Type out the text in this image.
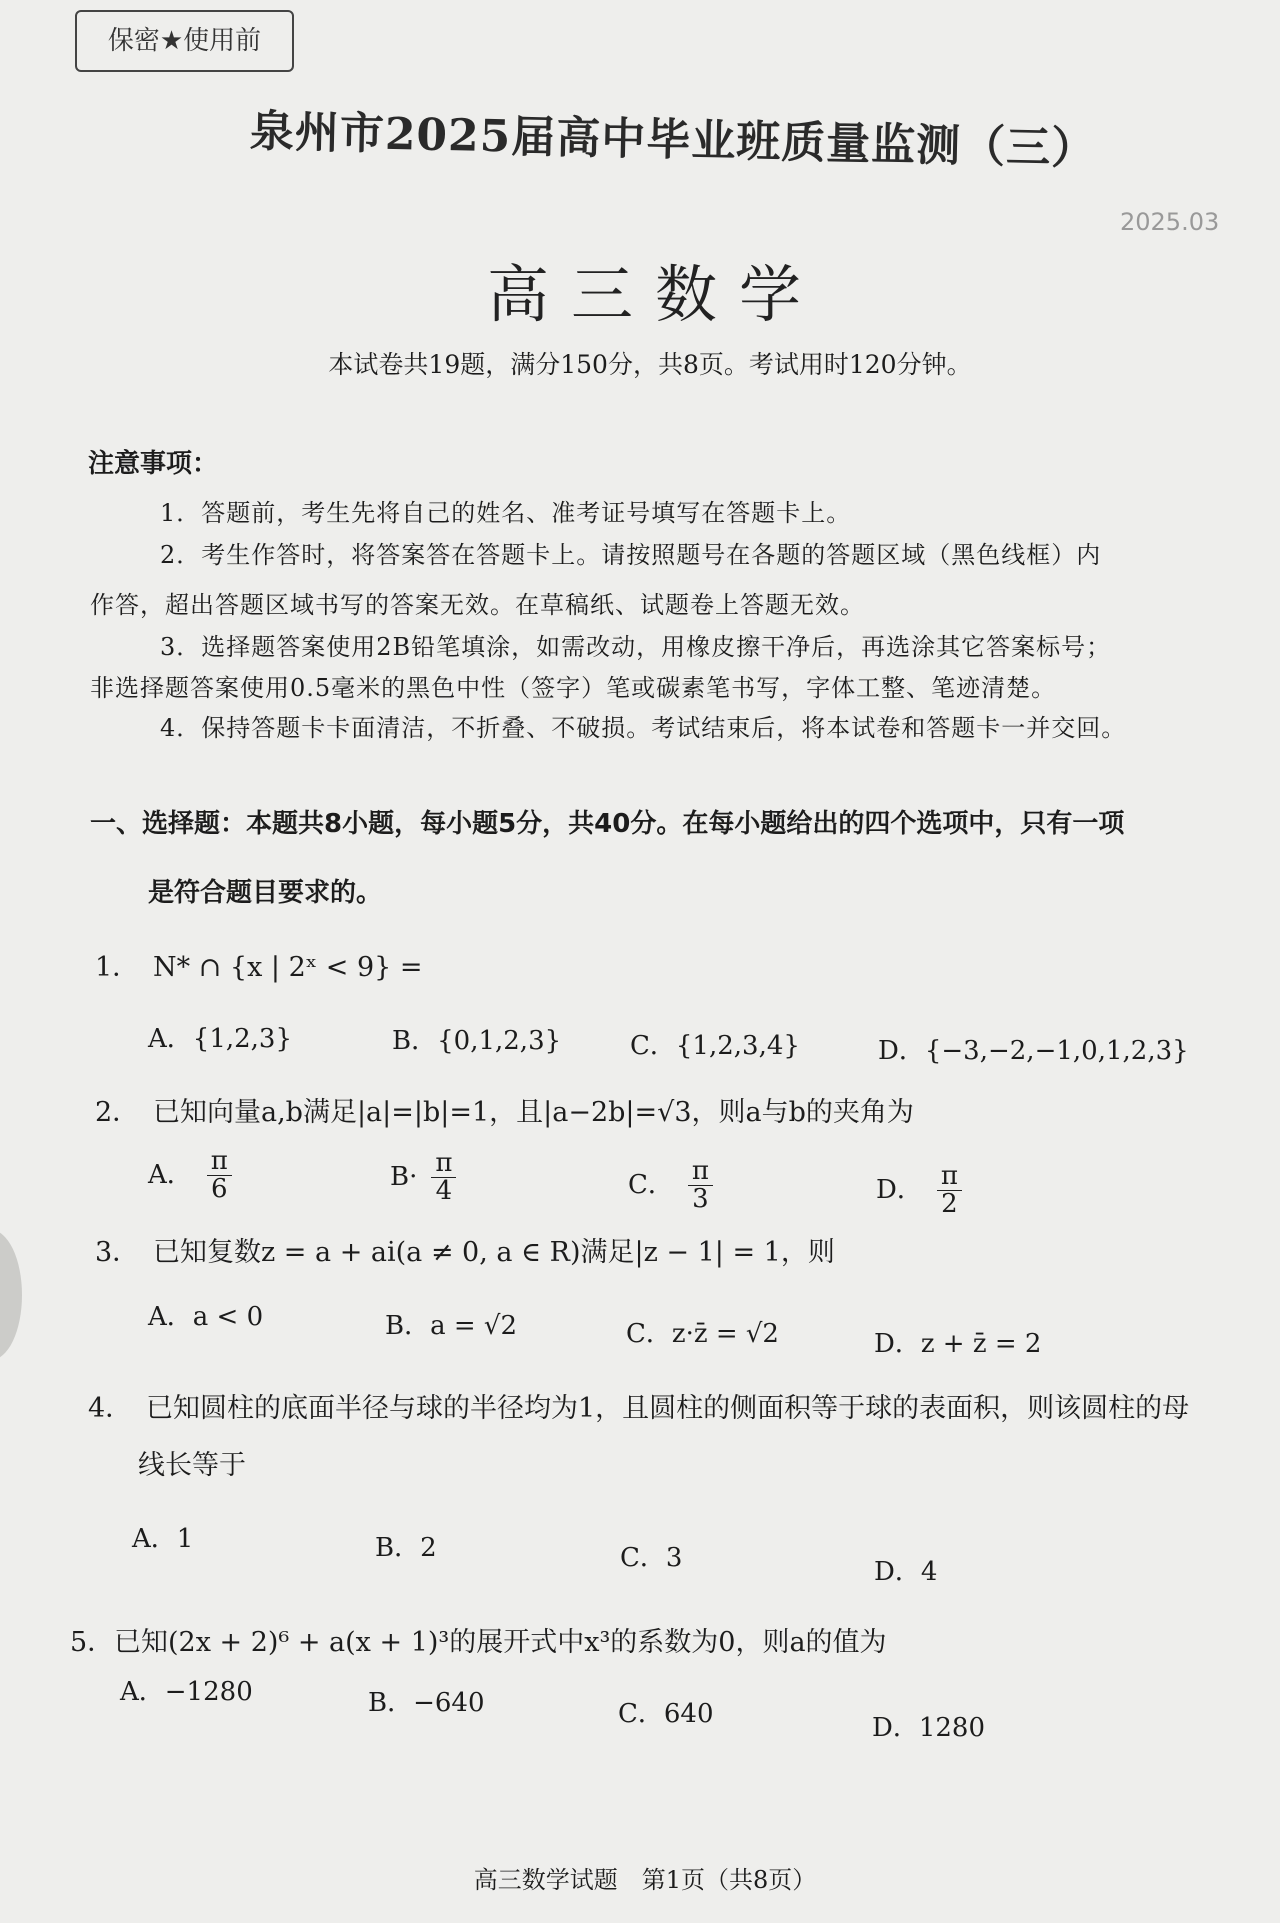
保密★使用前
泉州市2025届高中毕业班质量监测（三）
2025.03
高三数学
本试卷共19题，满分150分，共8页。考试用时120分钟。
注意事项：
1．答题前，考生先将自己的姓名、准考证号填写在答题卡上。
2．考生作答时，将答案答在答题卡上。请按照题号在各题的答题区域（黑色线框）内
作答，超出答题区域书写的答案无效。在草稿纸、试题卷上答题无效。
3．选择题答案使用2B铅笔填涂，如需改动，用橡皮擦干净后，再选涂其它答案标号；
非选择题答案使用0.5毫米的黑色中性（签字）笔或碳素笔书写，字体工整、笔迹清楚。
4．保持答题卡卡面清洁，不折叠、不破损。考试结束后，将本试卷和答题卡一并交回。
一、选择题：本题共8小题，每小题5分，共40分。在每小题给出的四个选项中，只有一项
是符合题目要求的。
1． N* ∩ {x | 2ˣ < 9} =
A．{1,2,3}	B．{0,1,2,3}	C．{1,2,3,4}	D．{−3,−2,−1,0,1,2,3}
2． 已知向量a,b满足|a|=|b|=1，且|a−2b|=√3，则a与b的夹角为
A． $\frac{\pi}{6}$	$B\cdot \frac{\pi}{4}$	C． $\frac{\pi}{3}$	D． $\frac{\pi}{2}$
3． 已知复数z = a + ai(a ≠ 0, a ∈ R)满足|z − 1| = 1，则
A．a < 0	B．a = √2	C．z·z̄ = √2	D．z + z̄ = 2
4． 已知圆柱的底面半径与球的半径均为1，且圆柱的侧面积等于球的表面积，则该圆柱的母
线长等于
A．1	B．2	C．3	D．4
5．已知(2x + 2)⁶ + a(x + 1)³的展开式中x³的系数为0，则a的值为
A．−1280	B．−640	C．640	D．1280
高三数学试题　第1页（共8页）
